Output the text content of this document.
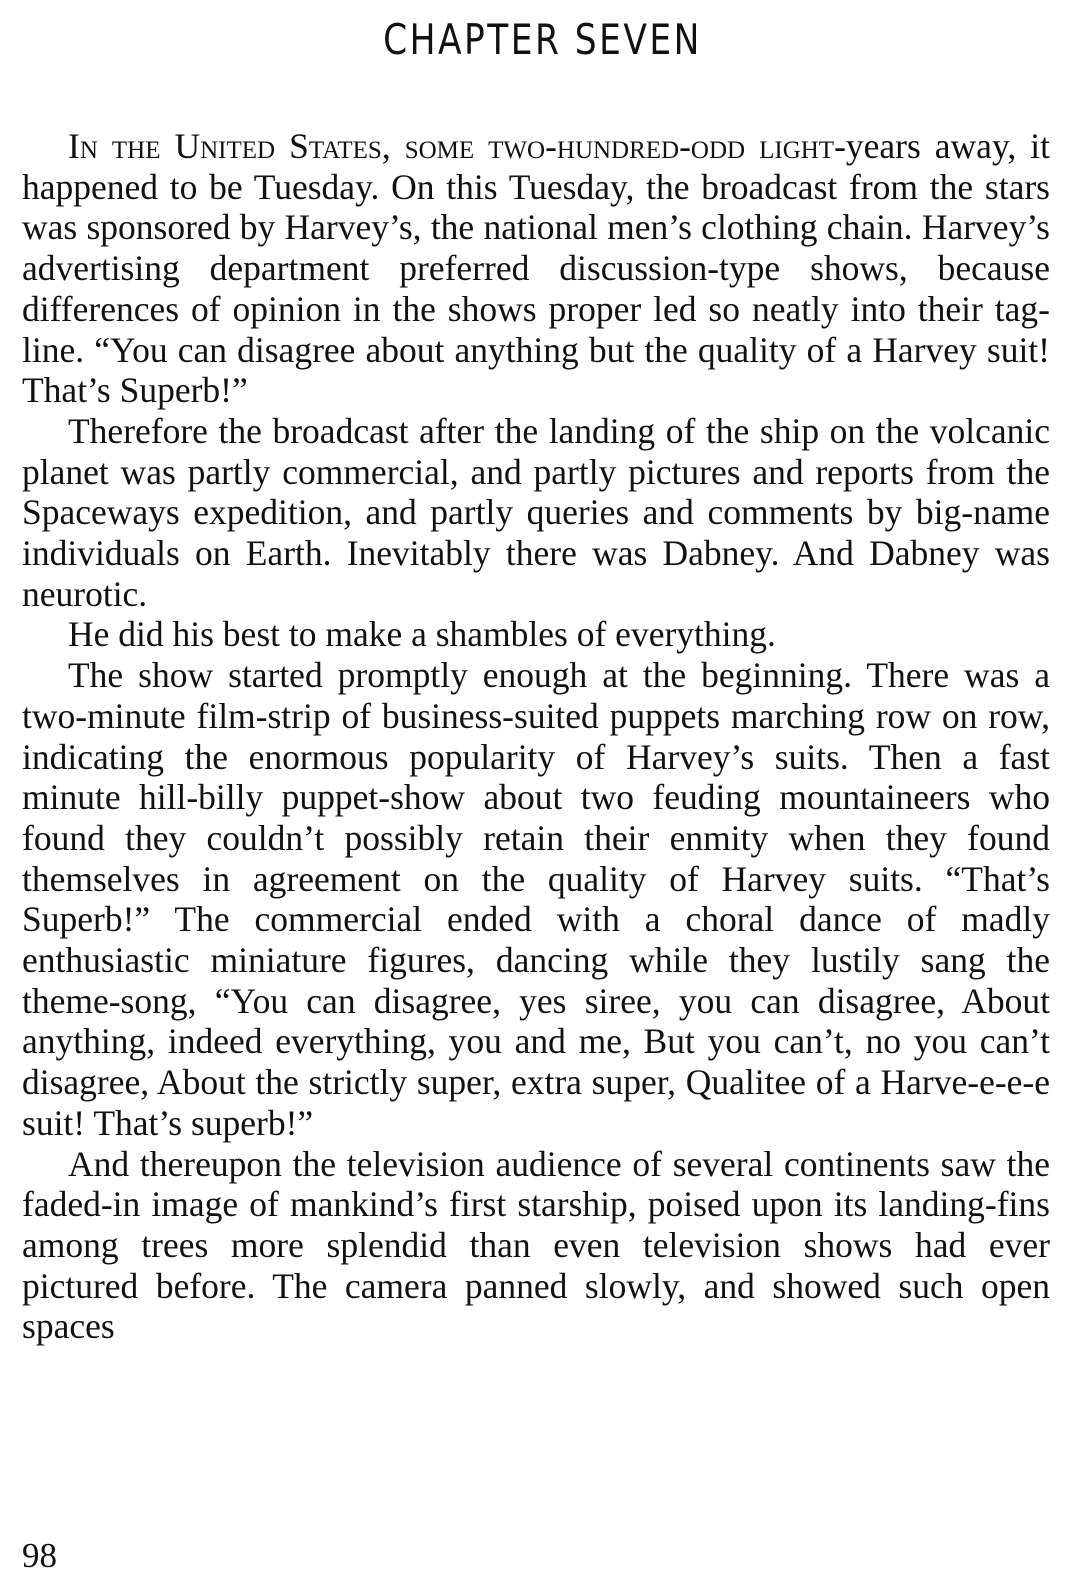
CHAPTER SEVEN

In the United States, some two-hundred-odd light-years away, it happened to be Tuesday. On this Tuesday, the broadcast from the stars was sponsored by Harvey’s, the national men’s clothing chain. Harvey’s advertising department preferred discussion-type shows, because differences of opinion in the shows proper led so neatly into their tag-line. “You can disagree about anything but the quality of a Harvey suit! That’s Superb!”

Therefore the broadcast after the landing of the ship on the volcanic planet was partly commercial, and partly pictures and reports from the Spaceways expedition, and partly queries and comments by big-name individuals on Earth. Inevitably there was Dabney. And Dabney was neurotic.

He did his best to make a shambles of everything.

The show started promptly enough at the beginning. There was a two-minute film-strip of business-suited puppets marching row on row, indicating the enormous popularity of Harvey’s suits. Then a fast minute hill-billy puppet-show about two feuding mountaineers who found they couldn’t possibly retain their enmity when they found themselves in agreement on the quality of Harvey suits. “That’s Superb!” The commercial ended with a choral dance of madly enthusiastic miniature figures, dancing while they lustily sang the theme-song, “You can disagree, yes siree, you can disagree, About anything, indeed everything, you and me, But you can’t, no you can’t disagree, About the strictly super, extra super, Qualitee of a Harve-e-e-e suit! That’s superb!”

And thereupon the television audience of several continents saw the faded-in image of mankind’s first starship, poised upon its landing-fins among trees more splendid than even television shows had ever pictured before. The camera panned slowly, and showed such open spaces

98
